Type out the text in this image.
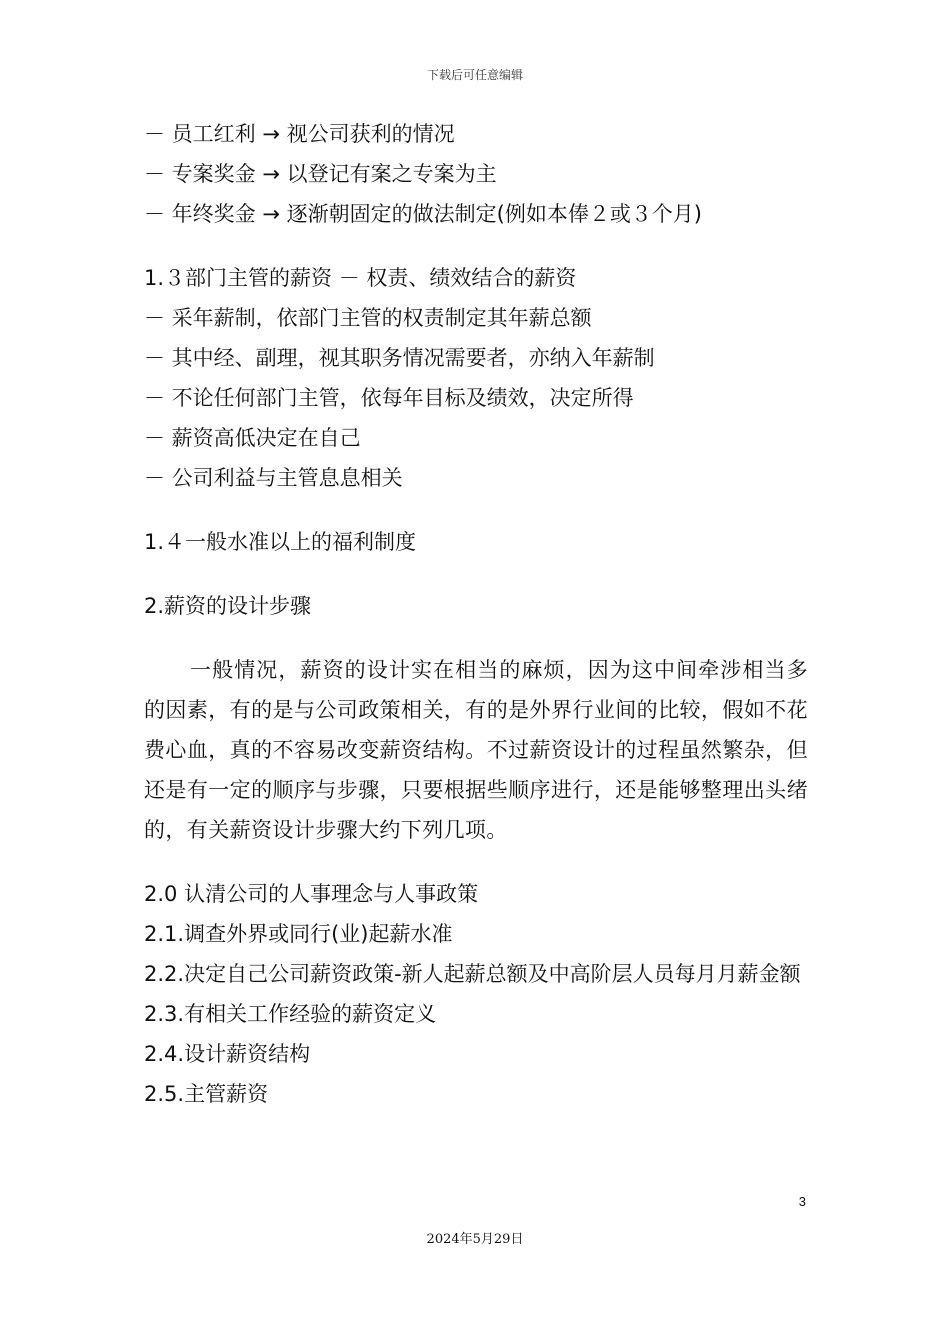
下载后可任意编辑

－ 员工红利 → 视公司获利的情况

－ 专案奖金 → 以登记有案之专案为主

－ 年终奖金 → 逐渐朝固定的做法制定(例如本俸２或３个月)

1.３部门主管的薪资 － 权责、绩效结合的薪资

－ 采年薪制，依部门主管的权责制定其年薪总额

－ 其中经、副理，视其职务情况需要者，亦纳入年薪制

－ 不论任何部门主管，依每年目标及绩效，决定所得

－ 薪资高低决定在自己

－ 公司利益与主管息息相关

1.４一般水准以上的福利制度

2.薪资的设计步骤

一般情况，薪资的设计实在相当的麻烦，因为这中间牵涉相当多的因素，有的是与公司政策相关，有的是外界行业间的比较，假如不花费心血，真的不容易改变薪资结构。不过薪资设计的过程虽然繁杂，但还是有一定的顺序与步骤，只要根据些顺序进行，还是能够整理出头绪的，有关薪资设计步骤大约下列几项。

2.0 认清公司的人事理念与人事政策

2.1.调查外界或同行(业)起薪水准

2.2.决定自己公司薪资政策-新人起薪总额及中高阶层人员每月月薪金额

2.3.有相关工作经验的薪资定义

2.4.设计薪资结构

2.5.主管薪资

3
2024年5月29日
